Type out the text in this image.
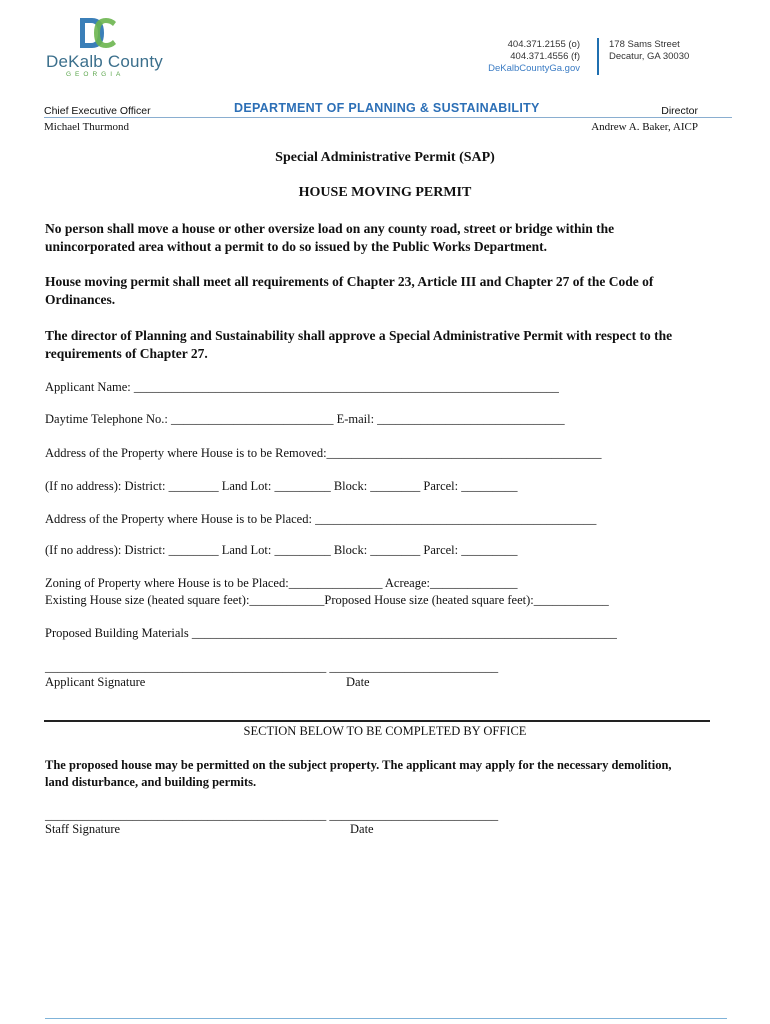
DeKalb County
GEORGIA
404.371.2155 (o)
404.371.4556 (f)
DeKalbCountyGa.gov
178 Sams Street
Decatur, GA 30030
Chief Executive Officer
Michael Thurmond
DEPARTMENT OF PLANNING & SUSTAINABILITY	Director
Andrew A. Baker, AICP
Special Administrative Permit (SAP)
HOUSE MOVING PERMIT
No person shall move a house or other oversize load on any county road, street or bridge within the unincorporated area without a permit to do so issued by the Public Works Department.
House moving permit shall meet all requirements of Chapter 23, Article III and Chapter 27 of the Code of Ordinances.
The director of Planning and Sustainability shall approve a Special Administrative Permit with respect to the requirements of Chapter 27.
Applicant Name: ____________________________________________________________________
Daytime Telephone No.: __________________________ E-mail: ______________________________
Address of the Property where House is to be Removed:____________________________________________
(If no address): District: ________ Land Lot: _________ Block: ________ Parcel: _________
Address of the Property where House is to be Placed: _____________________________________________
(If no address): District: ________ Land Lot: _________ Block: ________ Parcel: _________
Zoning of Property where House is to be Placed:_______________ Acreage:______________
Existing House size (heated square feet):____________Proposed House size (heated square feet):____________
Proposed Building Materials ____________________________________________________________________
_____________________________________________ ___________________________
Applicant Signature	Date
SECTION BELOW TO BE COMPLETED BY OFFICE
The proposed house may be permitted on the subject property. The applicant may apply for the necessary demolition, land disturbance, and building permits.
_____________________________________________ ___________________________
Staff Signature	Date
